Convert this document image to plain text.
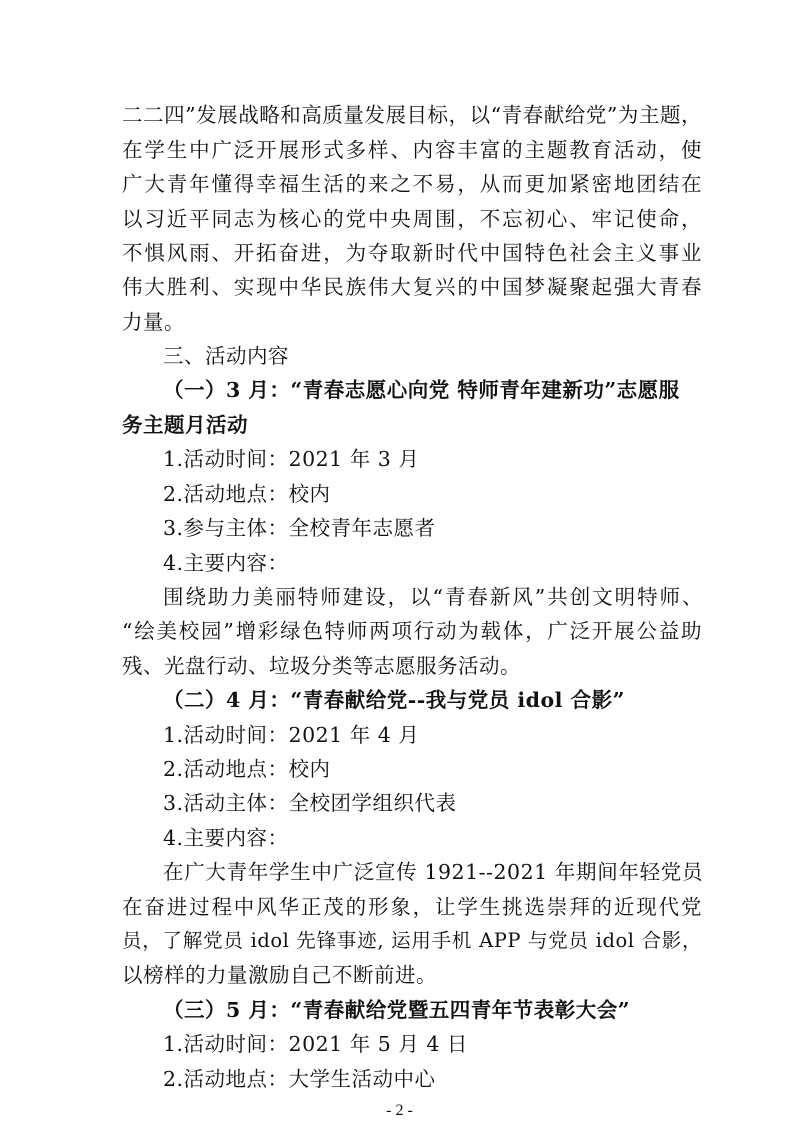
二二四”发展战略和高质量发展目标，以“青春献给党”为主题，
在学生中广泛开展形式多样、内容丰富的主题教育活动，使
广大青年懂得幸福生活的来之不易，从而更加紧密地团结在
以习近平同志为核心的党中央周围，不忘初心、牢记使命，
不惧风雨、开拓奋进，为夺取新时代中国特色社会主义事业
伟大胜利、实现中华民族伟大复兴的中国梦凝聚起强大青春
力量。
三、活动内容
（一）3 月：“青春志愿心向党 特师青年建新功”志愿服
务主题月活动
1.活动时间：2021 年 3 月
2.活动地点：校内
3.参与主体：全校青年志愿者
4.主要内容：
围绕助力美丽特师建设，以“青春新风”共创文明特师、
“绘美校园”增彩绿色特师两项行动为载体，广泛开展公益助
残、光盘行动、垃圾分类等志愿服务活动。
（二）4 月：“青春献给党--我与党员 idol 合影”
1.活动时间：2021 年 4 月
2.活动地点：校内
3.活动主体：全校团学组织代表
4.主要内容：
在广大青年学生中广泛宣传 1921--2021 年期间年轻党员
在奋进过程中风华正茂的形象，让学生挑选崇拜的近现代党
员，了解党员 idol 先锋事迹, 运用手机 APP 与党员 idol 合影，
以榜样的力量激励自己不断前进。
（三）5 月：“青春献给党暨五四青年节表彰大会”
1.活动时间：2021 年 5 月 4 日
2.活动地点：大学生活动中心
- 2 -
